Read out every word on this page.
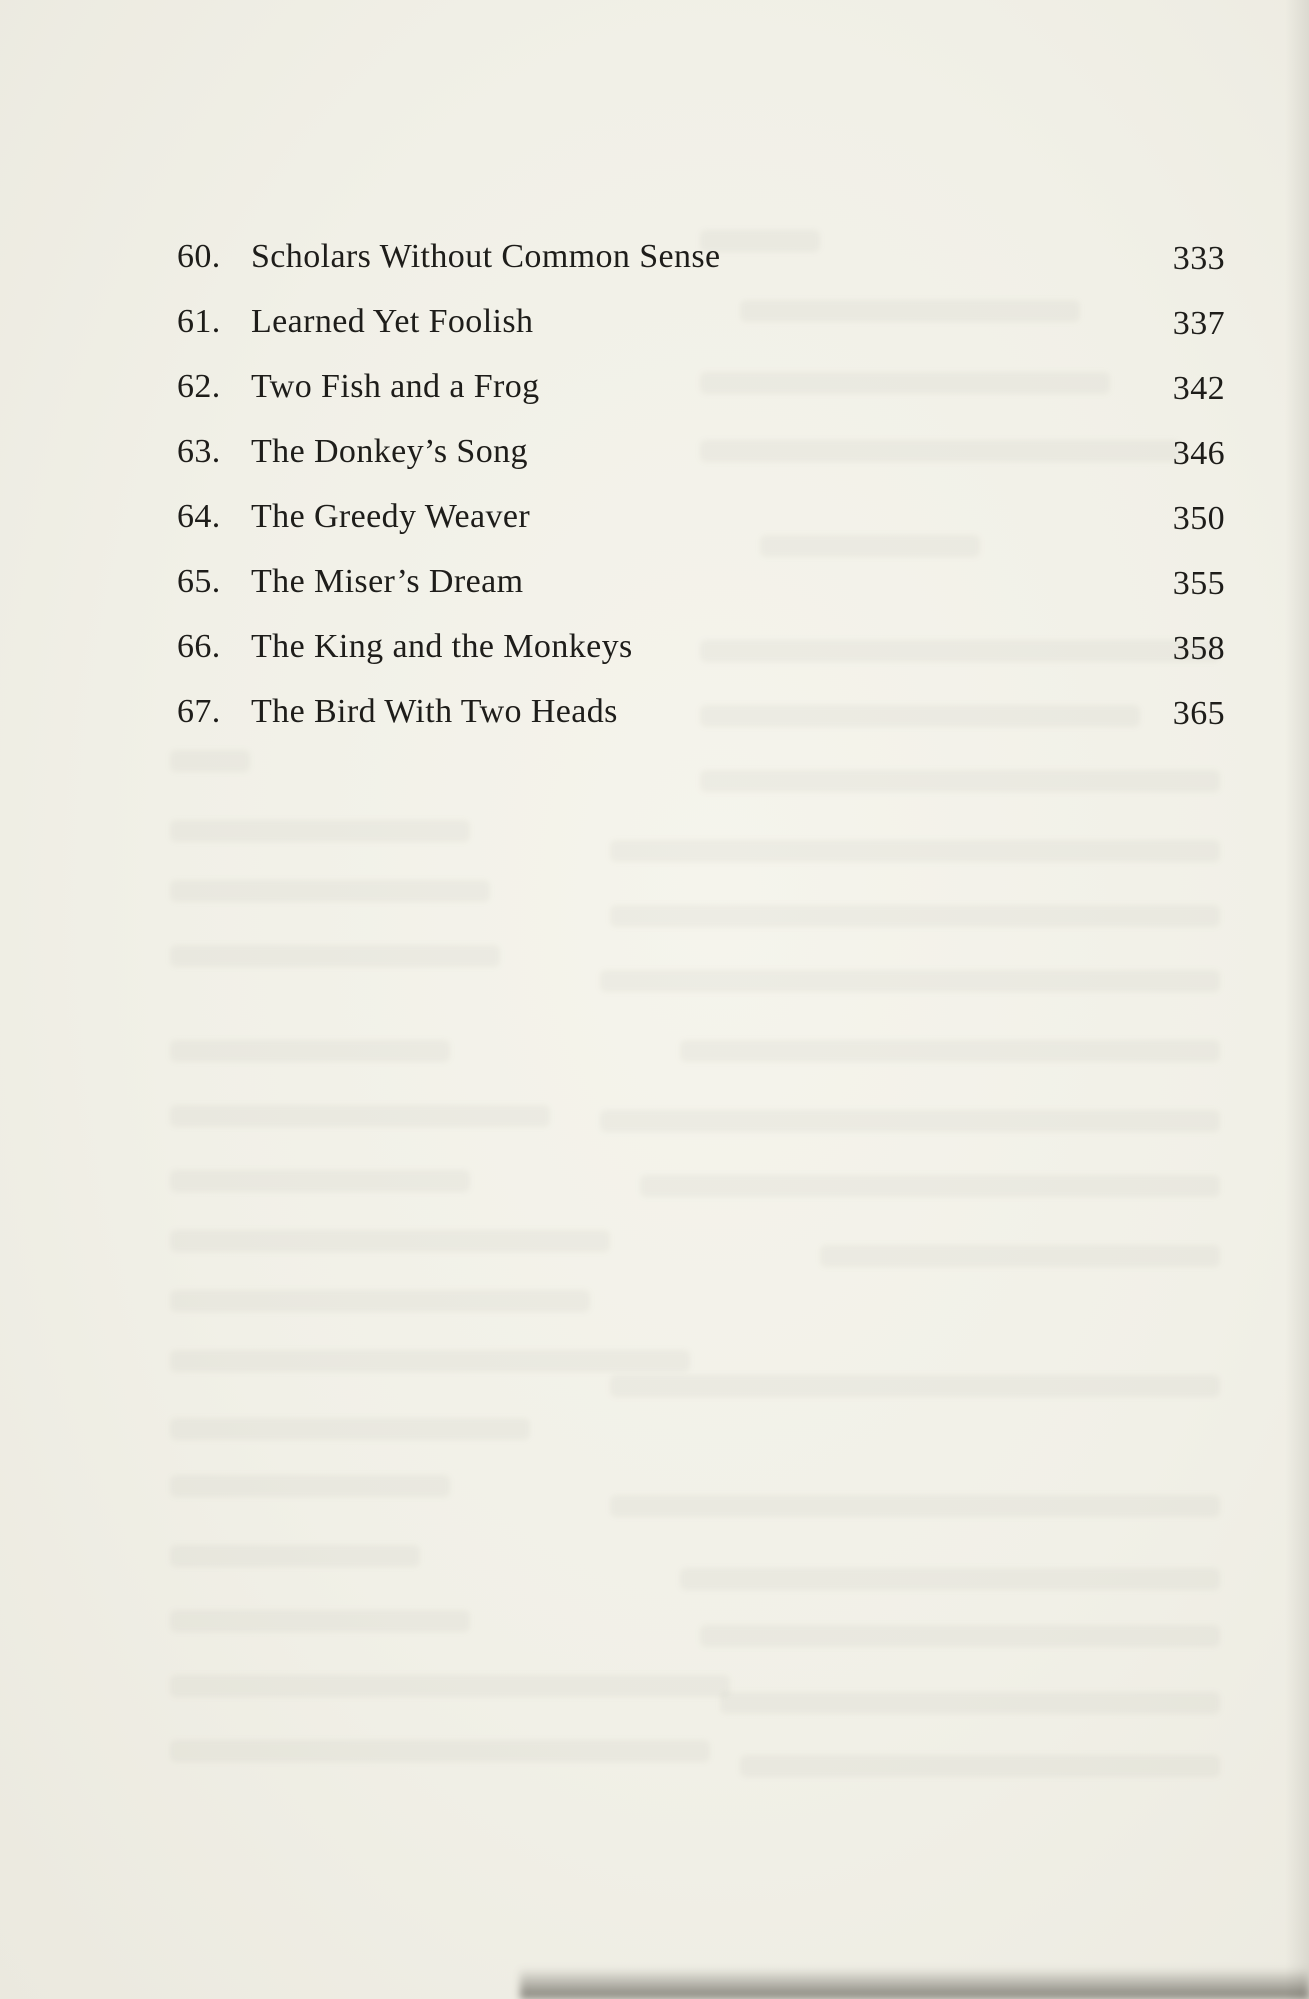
60. Scholars Without Common Sense	333
61. Learned Yet Foolish	337
62. Two Fish and a Frog	342
63. The Donkey’s Song	346
64. The Greedy Weaver	350
65. The Miser’s Dream	355
66. The King and the Monkeys	358
67. The Bird With Two Heads	365
